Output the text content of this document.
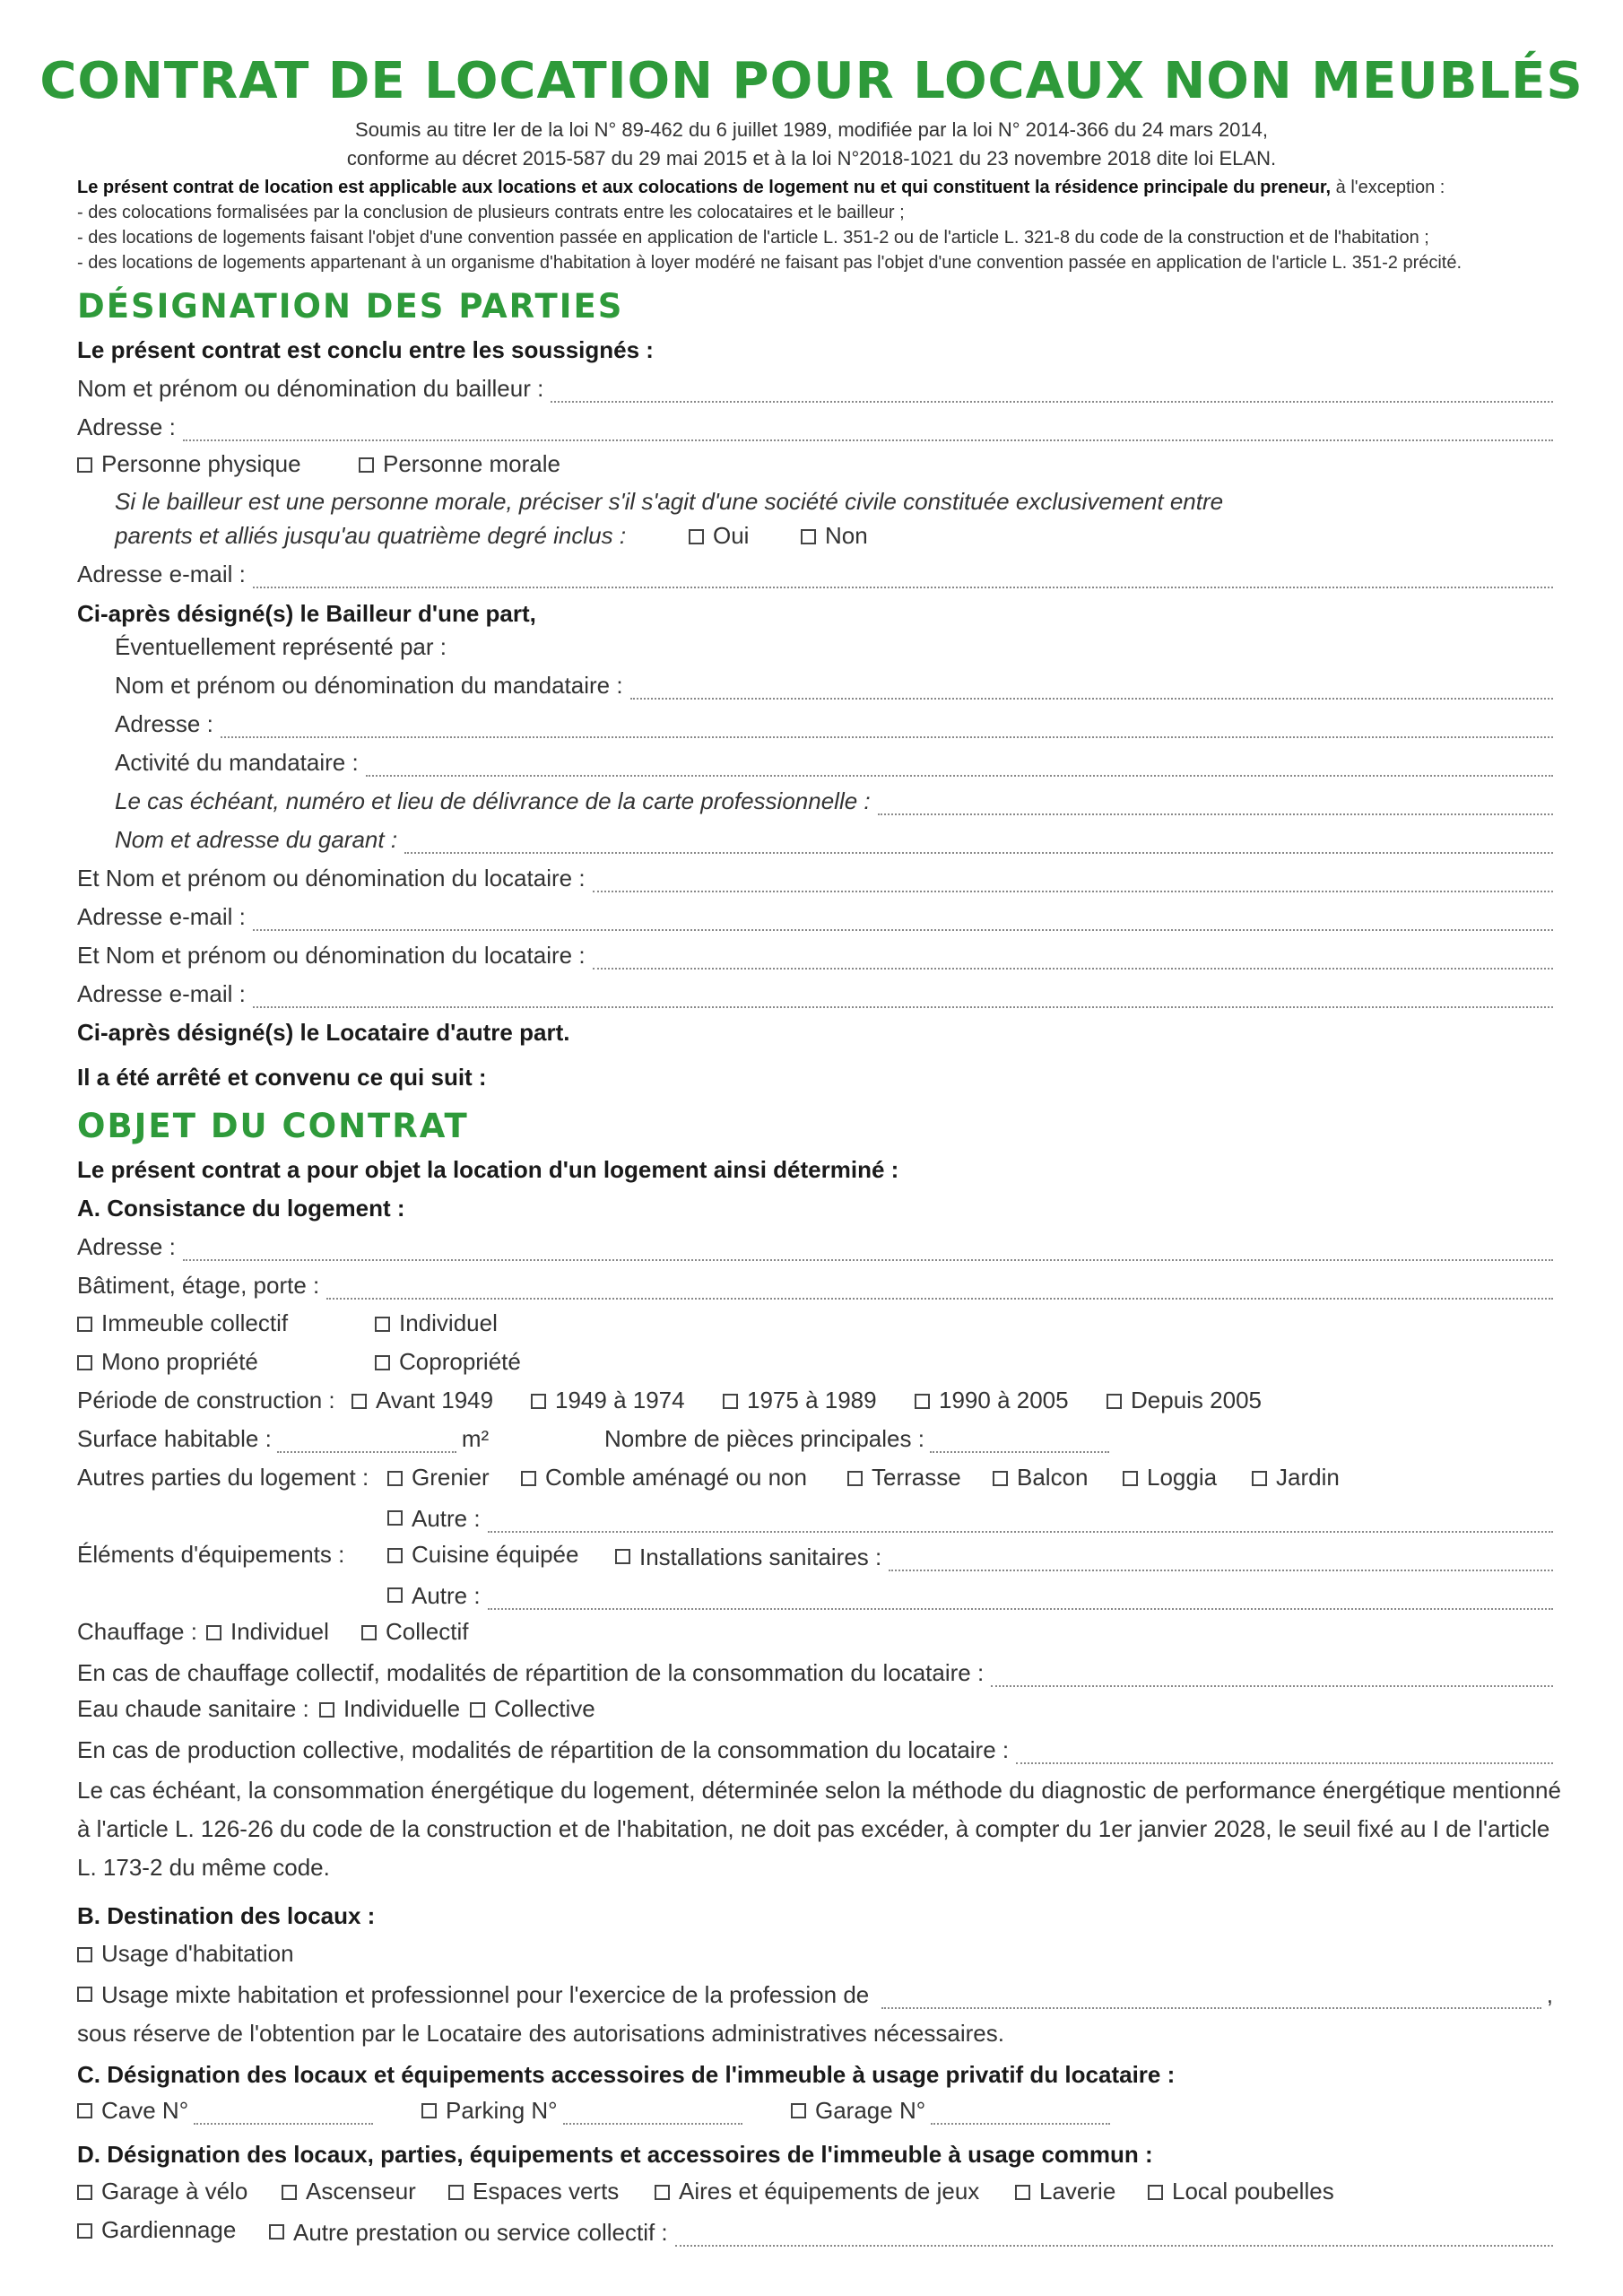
CONTRAT DE LOCATION POUR LOCAUX NON MEUBLÉS
Soumis au titre Ier de la loi N° 89-462 du 6 juillet 1989, modifiée par la loi N° 2014-366 du 24 mars 2014,
conforme au décret 2015-587 du 29 mai 2015 et à la loi N°2018-1021 du 23 novembre 2018 dite loi ELAN.
Le présent contrat de location est applicable aux locations et aux colocations de logement nu et qui constituent la résidence principale du preneur, à l'exception :
- des colocations formalisées par la conclusion de plusieurs contrats entre les colocataires et le bailleur ;
- des locations de logements faisant l'objet d'une convention passée en application de l'article L. 351-2 ou de l'article L. 321-8 du code de la construction et de l'habitation ;
- des locations de logements appartenant à un organisme d'habitation à loyer modéré ne faisant pas l'objet d'une convention passée en application de l'article L. 351-2 précité.
DÉSIGNATION DES PARTIES
Le présent contrat est conclu entre les soussignés :
Nom et prénom ou dénomination du bailleur :
Adresse :
Personne physique	Personne morale
Si le bailleur est une personne morale, préciser s'il s'agit d'une société civile constituée exclusivement entre
parents et alliés jusqu'au quatrième degré inclus :	Oui	Non
Adresse e-mail :
Ci-après désigné(s) le Bailleur d'une part,
Éventuellement représenté par :
Nom et prénom ou dénomination du mandataire :
Adresse :
Activité du mandataire :
Le cas échéant, numéro et lieu de délivrance de la carte professionnelle :
Nom et adresse du garant :
Et Nom et prénom ou dénomination du locataire :
Adresse e-mail :
Et Nom et prénom ou dénomination du locataire :
Adresse e-mail :
Ci-après désigné(s) le Locataire d'autre part.
Il a été arrêté et convenu ce qui suit :
OBJET DU CONTRAT
Le présent contrat a pour objet la location d'un logement ainsi déterminé :
A. Consistance du logement :
Adresse :
Bâtiment, étage, porte :
Immeuble collectif	Individuel
Mono propriété	Copropriété
Période de construction :	Avant 1949	1949 à 1974	1975 à 1989	1990 à 2005	Depuis 2005
Surface habitable :	m²	Nombre de pièces principales :
Autres parties du logement :	Grenier	Comble aménagé ou non	Terrasse	Balcon	Loggia	Jardin
Autre :
Éléments d'équipements :	Cuisine équipée	Installations sanitaires :
Autre :
Chauffage :	Individuel	Collectif
En cas de chauffage collectif, modalités de répartition de la consommation du locataire :
Eau chaude sanitaire :	Individuelle	Collective
En cas de production collective, modalités de répartition de la consommation du locataire :
Le cas échéant, la consommation énergétique du logement, déterminée selon la méthode du diagnostic de performance énergétique mentionné à l'article L. 126-26 du code de la construction et de l'habitation, ne doit pas excéder, à compter du 1er janvier 2028, le seuil fixé au I de l'article L. 173-2 du même code.
B. Destination des locaux :
Usage d'habitation
Usage mixte habitation et professionnel pour l'exercice de la profession de	,
sous réserve de l'obtention par le Locataire des autorisations administratives nécessaires.
C. Désignation des locaux et équipements accessoires de l'immeuble à usage privatif du locataire :
Cave N°	Parking N°	Garage N°
D. Désignation des locaux, parties, équipements et accessoires de l'immeuble à usage commun :
Garage à vélo	Ascenseur	Espaces verts	Aires et équipements de jeux	Laverie	Local poubelles
Gardiennage Autre prestation ou service collectif :
